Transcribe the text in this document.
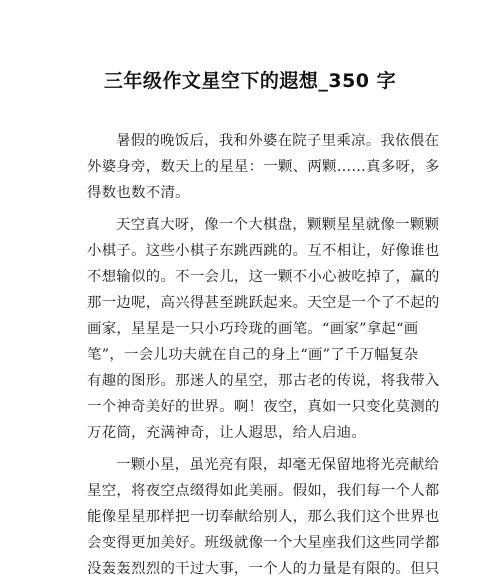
三年级作文星空下的遐想_350 字
暑假的晚饭后，我和外婆在院子里乘凉。我依偎在
外婆身旁，数天上的星星：一颗、两颗……真多呀，多
得数也数不清。
天空真大呀，像一个大棋盘，颗颗星星就像一颗颗
小棋子。这些小棋子东跳西跳的。互不相让，好像谁也
不想输似的。不一会儿，这一颗不小心被吃掉了，赢的
那一边呢，高兴得甚至跳跃起来。天空是一个了不起的
画家，星星是一只小巧玲珑的画笔。“画家”拿起“画
笔”，一会儿功夫就在自己的身上“画”了千万幅复杂
有趣的图形。那迷人的星空，那古老的传说，将我带入
一个神奇美好的世界。啊！夜空，真如一只变化莫测的
万花筒，充满神奇，让人遐思，给人启迪。
一颗小星，虽光亮有限，却毫无保留地将光亮献给
星空，将夜空点缀得如此美丽。假如，我们每一个人都
能像星星那样把一切奉献给别人，那么我们这个世界也
会变得更加美好。班级就像一个大星座我们这些同学都
没轰轰烈烈的干过大事，一个人的力量是有限的。但只
